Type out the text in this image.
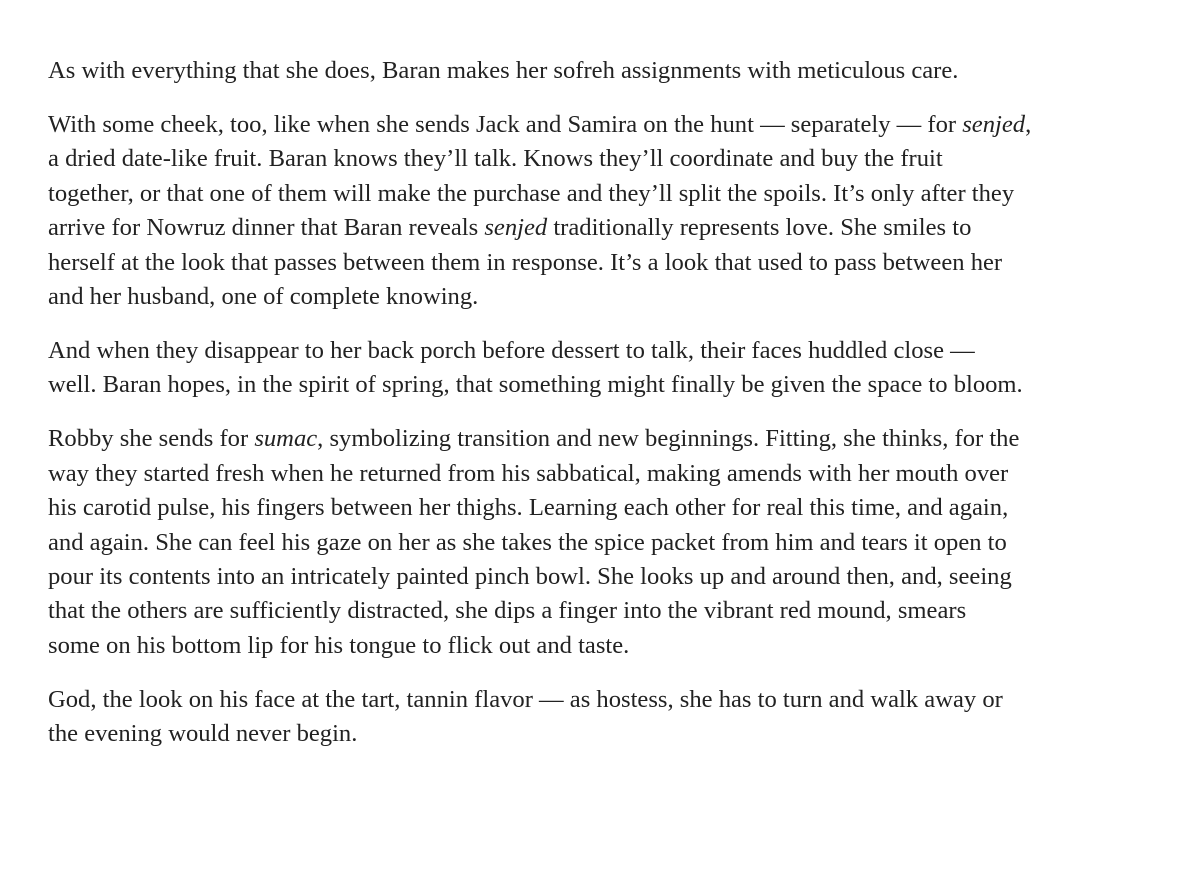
As with everything that she does, Baran makes her sofreh assignments with meticulous care.

With some cheek, too, like when she sends Jack and Samira on the hunt — separately — for senjed,
a dried date-like fruit. Baran knows they’ll talk. Knows they’ll coordinate and buy the fruit
together, or that one of them will make the purchase and they’ll split the spoils. It’s only after they
arrive for Nowruz dinner that Baran reveals senjed traditionally represents love. She smiles to
herself at the look that passes between them in response. It’s a look that used to pass between her
and her husband, one of complete knowing.

And when they disappear to her back porch before dessert to talk, their faces huddled close —
well. Baran hopes, in the spirit of spring, that something might finally be given the space to bloom.

Robby she sends for sumac, symbolizing transition and new beginnings. Fitting, she thinks, for the
way they started fresh when he returned from his sabbatical, making amends with her mouth over
his carotid pulse, his fingers between her thighs. Learning each other for real this time, and again,
and again. She can feel his gaze on her as she takes the spice packet from him and tears it open to
pour its contents into an intricately painted pinch bowl. She looks up and around then, and, seeing
that the others are sufficiently distracted, she dips a finger into the vibrant red mound, smears
some on his bottom lip for his tongue to flick out and taste.

God, the look on his face at the tart, tannin flavor — as hostess, she has to turn and walk away or
the evening would never begin.
